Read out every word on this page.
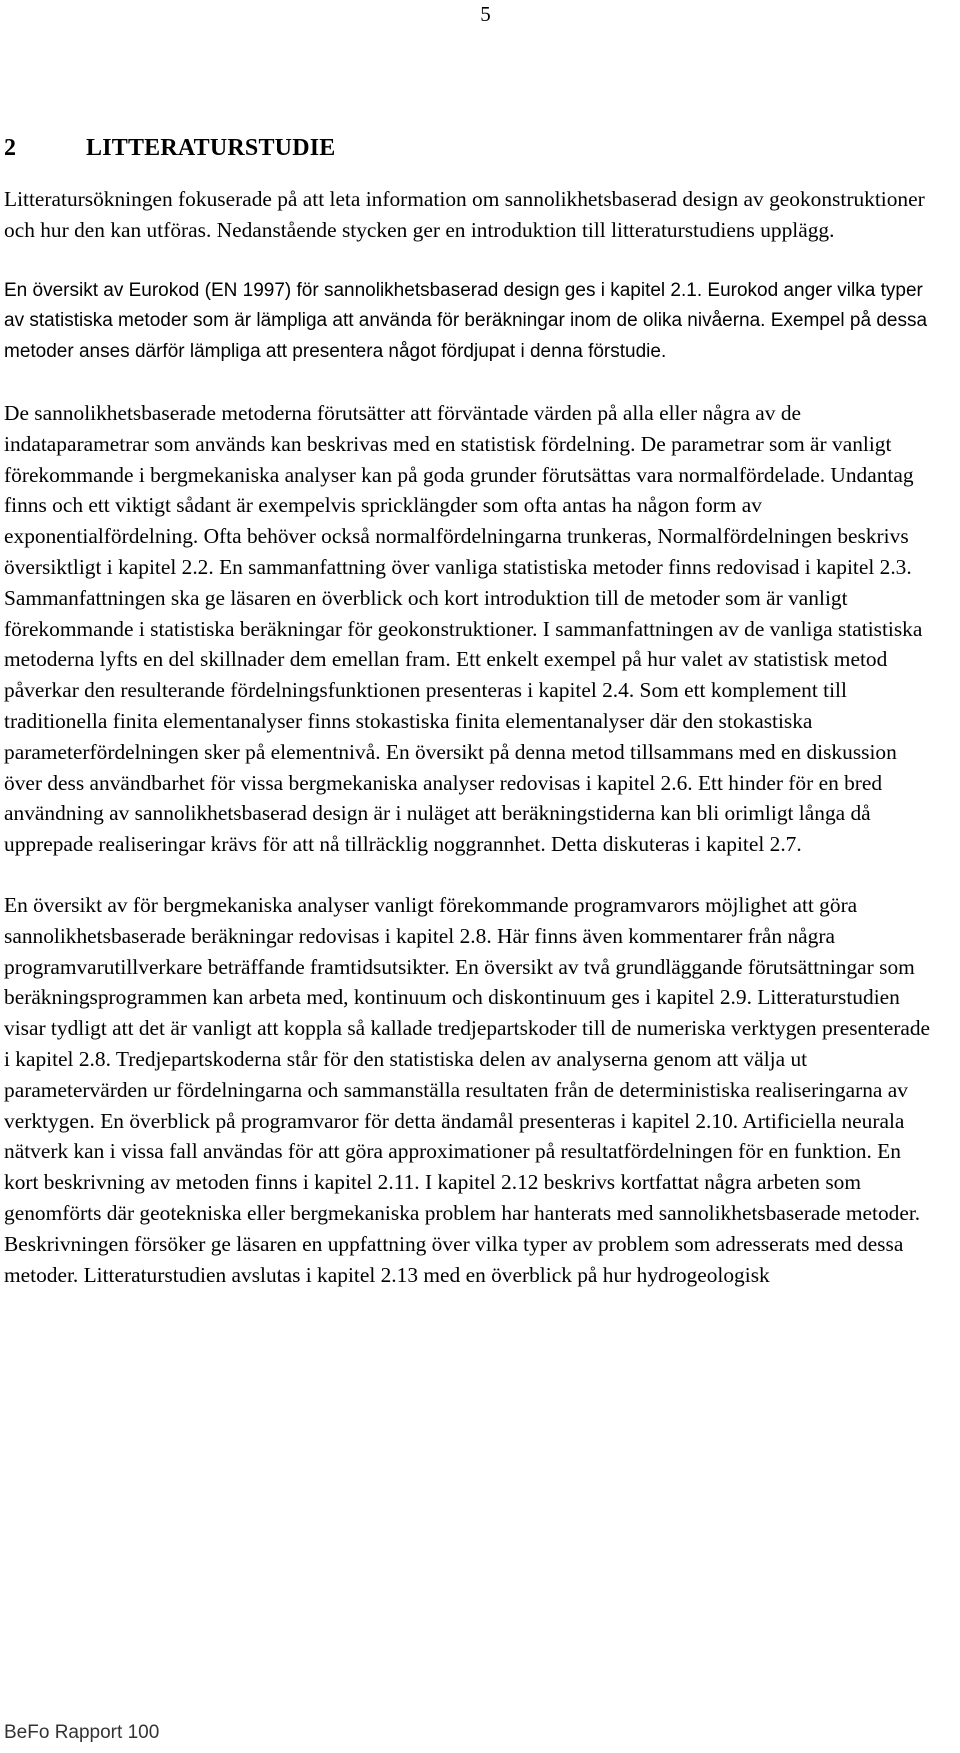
5
2	LITTERATURSTUDIE

Litteratursökningen fokuserade på att leta information om sannolikhetsbaserad design av geokonstruktioner och hur den kan utföras. Nedanstående stycken ger en introduktion till litteraturstudiens upplägg.

En översikt av Eurokod (EN 1997) för sannolikhetsbaserad design ges i kapitel 2.1. Eurokod anger vilka typer av statistiska metoder som är lämpliga att använda för beräkningar inom de olika nivåerna. Exempel på dessa metoder anses därför lämpliga att presentera något fördjupat i denna förstudie.

De sannolikhetsbaserade metoderna förutsätter att förväntade värden på alla eller några av de indataparametrar som används kan beskrivas med en statistisk fördelning. De parametrar som är vanligt förekommande i bergmekaniska analyser kan på goda grunder förutsättas vara normalfördelade. Undantag finns och ett viktigt sådant är exempelvis spricklängder som ofta antas ha någon form av exponentialfördelning. Ofta behöver också normalfördelningarna trunkeras, Normalfördelningen beskrivs översiktligt i kapitel 2.2. En sammanfattning över vanliga statistiska metoder finns redovisad i kapitel 2.3. Sammanfattningen ska ge läsaren en överblick och kort introduktion till de metoder som är vanligt förekommande i statistiska beräkningar för geokonstruktioner. I sammanfattningen av de vanliga statistiska metoderna lyfts en del skillnader dem emellan fram. Ett enkelt exempel på hur valet av statistisk metod påverkar den resulterande fördelningsfunktionen presenteras i kapitel 2.4. Som ett komplement till traditionella finita elementanalyser finns stokastiska finita elementanalyser där den stokastiska parameterfördelningen sker på elementnivå. En översikt på denna metod tillsammans med en diskussion över dess användbarhet för vissa bergmekaniska analyser redovisas i kapitel 2.6. Ett hinder för en bred användning av sannolikhetsbaserad design är i nuläget att beräkningstiderna kan bli orimligt långa då upprepade realiseringar krävs för att nå tillräcklig noggrannhet. Detta diskuteras i kapitel 2.7.

En översikt av för bergmekaniska analyser vanligt förekommande programvarors möjlighet att göra sannolikhetsbaserade beräkningar redovisas i kapitel 2.8. Här finns även kommentarer från några programvarutillverkare beträffande framtidsutsikter. En översikt av två grundläggande förutsättningar som beräkningsprogrammen kan arbeta med, kontinuum och diskontinuum ges i kapitel 2.9. Litteraturstudien visar tydligt att det är vanligt att koppla så kallade tredjepartskoder till de numeriska verktygen presenterade i kapitel 2.8. Tredjepartskoderna står för den statistiska delen av analyserna genom att välja ut parametervärden ur fördelningarna och sammanställa resultaten från de deterministiska realiseringarna av verktygen. En överblick på programvaror för detta ändamål presenteras i kapitel 2.10. Artificiella neurala nätverk kan i vissa fall användas för att göra approximationer på resultatfördelningen för en funktion. En kort beskrivning av metoden finns i kapitel 2.11. I kapitel 2.12 beskrivs kortfattat några arbeten som genomförts där geotekniska eller bergmekaniska problem har hanterats med sannolikhetsbaserade metoder. Beskrivningen försöker ge läsaren en uppfattning över vilka typer av problem som adresserats med dessa metoder. Litteraturstudien avslutas i kapitel 2.13 med en överblick på hur hydrogeologisk

BeFo Rapport 100
